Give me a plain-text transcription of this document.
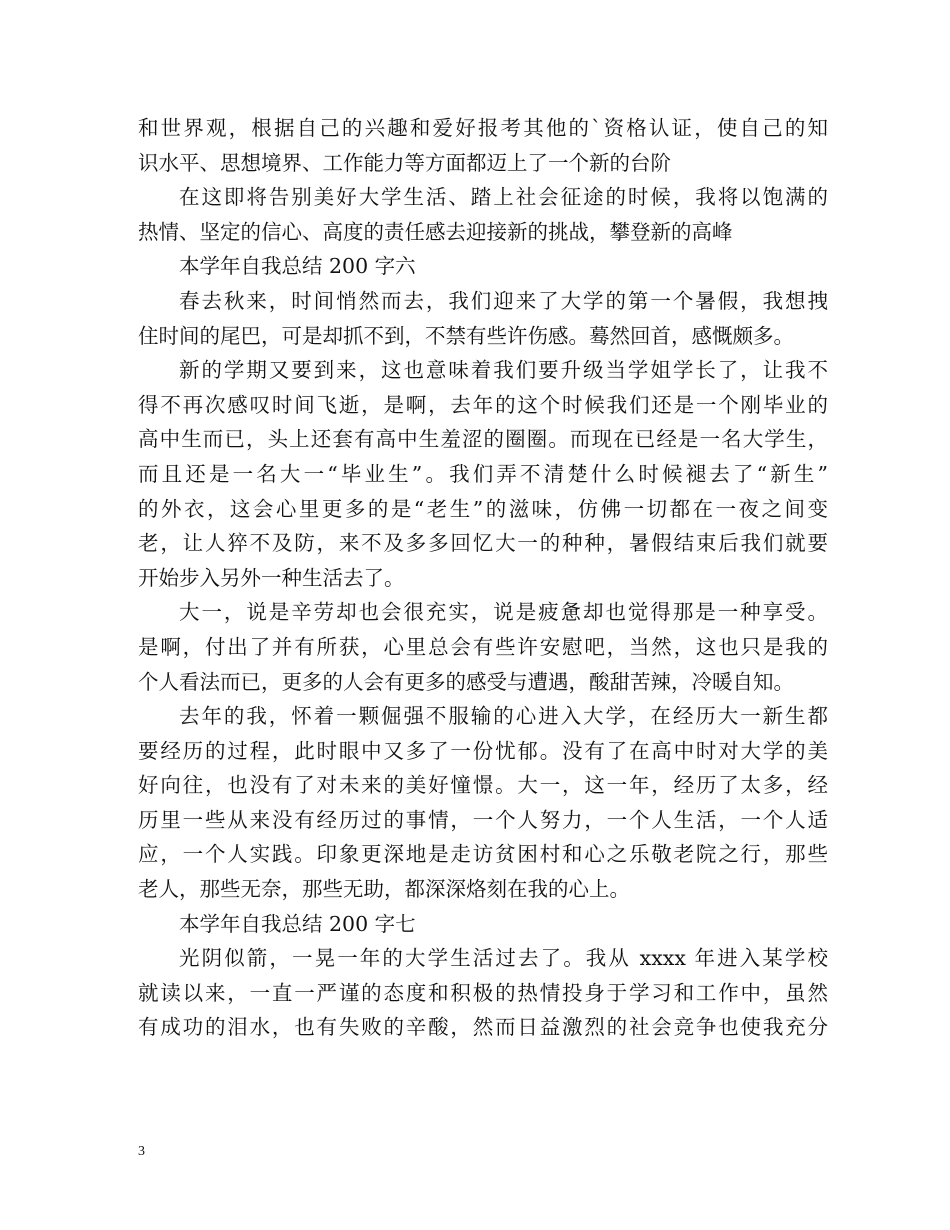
和世界观，根据自己的兴趣和爱好报考其他的`资格认证，使自己的知
识水平、思想境界、工作能力等方面都迈上了一个新的台阶
在这即将告别美好大学生活、踏上社会征途的时候，我将以饱满的
热情、坚定的信心、高度的责任感去迎接新的挑战，攀登新的高峰
本学年自我总结 200 字六
春去秋来，时间悄然而去，我们迎来了大学的第一个暑假，我想拽
住时间的尾巴，可是却抓不到，不禁有些许伤感。蓦然回首，感慨颇多。
新的学期又要到来，这也意味着我们要升级当学姐学长了，让我不
得不再次感叹时间飞逝，是啊，去年的这个时候我们还是一个刚毕业的
高中生而已，头上还套有高中生羞涩的圈圈。而现在已经是一名大学生，
而且还是一名大一“毕业生”。我们弄不清楚什么时候褪去了“新生”
的外衣，这会心里更多的是“老生”的滋味，仿佛一切都在一夜之间变
老，让人猝不及防，来不及多多回忆大一的种种，暑假结束后我们就要
开始步入另外一种生活去了。
大一，说是辛劳却也会很充实，说是疲惫却也觉得那是一种享受。
是啊，付出了并有所获，心里总会有些许安慰吧，当然，这也只是我的
个人看法而已，更多的人会有更多的感受与遭遇，酸甜苦辣，冷暖自知。
去年的我，怀着一颗倔强不服输的心进入大学，在经历大一新生都
要经历的过程，此时眼中又多了一份忧郁。没有了在高中时对大学的美
好向往，也没有了对未来的美好憧憬。大一，这一年，经历了太多，经
历里一些从来没有经历过的事情，一个人努力，一个人生活，一个人适
应，一个人实践。印象更深地是走访贫困村和心之乐敬老院之行，那些
老人，那些无奈，那些无助，都深深烙刻在我的心上。
本学年自我总结 200 字七
光阴似箭，一晃一年的大学生活过去了。我从 xxxx 年进入某学校
就读以来，一直一严谨的态度和积极的热情投身于学习和工作中，虽然
有成功的泪水，也有失败的辛酸，然而日益激烈的社会竞争也使我充分
3
